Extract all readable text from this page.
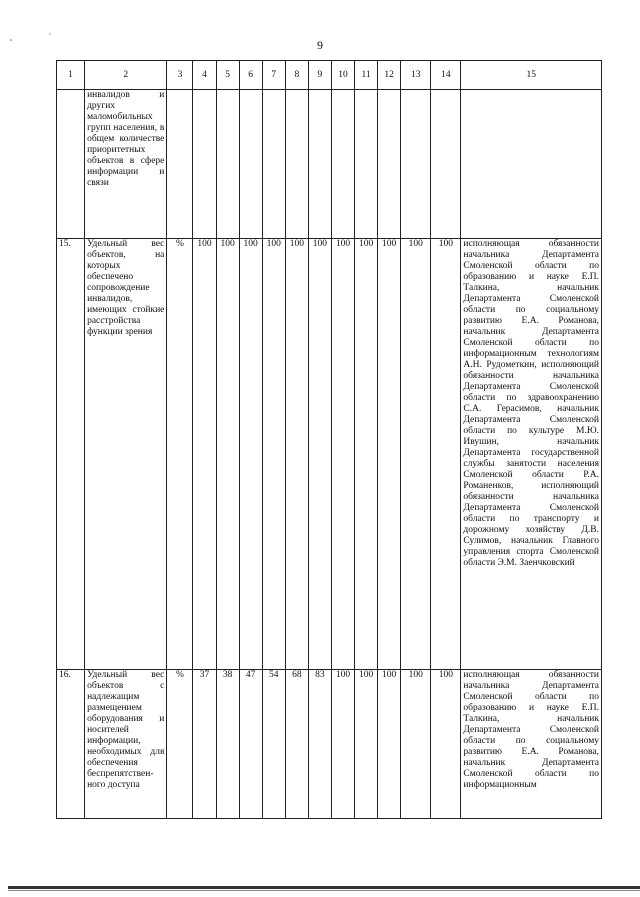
9
1	2	3	4	5	6	7	8	9	10	11	12	13	14	15
	инвалидов и других маломобильных групп населения, в общем количестве приоритетных объектов в сфере информации и связи													
15.	Удельный вес объектов, на которых обеспечено сопровождение инвалидов, имеющих стойкие расстройства функции зрения	%	100	100	100	100	100	100	100	100	100	100	100	исполняющая обязанности начальника Департамента Смоленской области по образованию и науке Е.П. Талкина, начальник Департамента Смоленской области по социальному развитию Е.А. Романова, начальник Департамента Смоленской области по информационным технологиям А.Н. Рудометкин, исполняющий обязанности начальника Департамента Смоленской области по здравоохранению С.А. Герасимов, начальник Департамента Смоленской области по культуре М.Ю. Ивушин, начальник Департамента государственной службы занятости населения Смоленской области Р.А. Романенков, исполняющий обязанности начальника Департамента Смоленской области по транспорту и дорожному хозяйству Д.В. Сулимов, начальник Главного управления спорта Смоленской области Э.М. Заенчковский
16.	Удельный вес объектов с надлежащим размещением оборудования и носителей информации, необходимых для обеспечения беспрепятствен-ного доступа	%	37	38	47	54	68	83	100	100	100	100	100	исполняющая обязанности начальника Департамента Смоленской области по образованию и науке Е.П. Талкина, начальник Департамента Смоленской области по социальному развитию Е.А. Романова, начальник Департамента Смоленской области по информационным
